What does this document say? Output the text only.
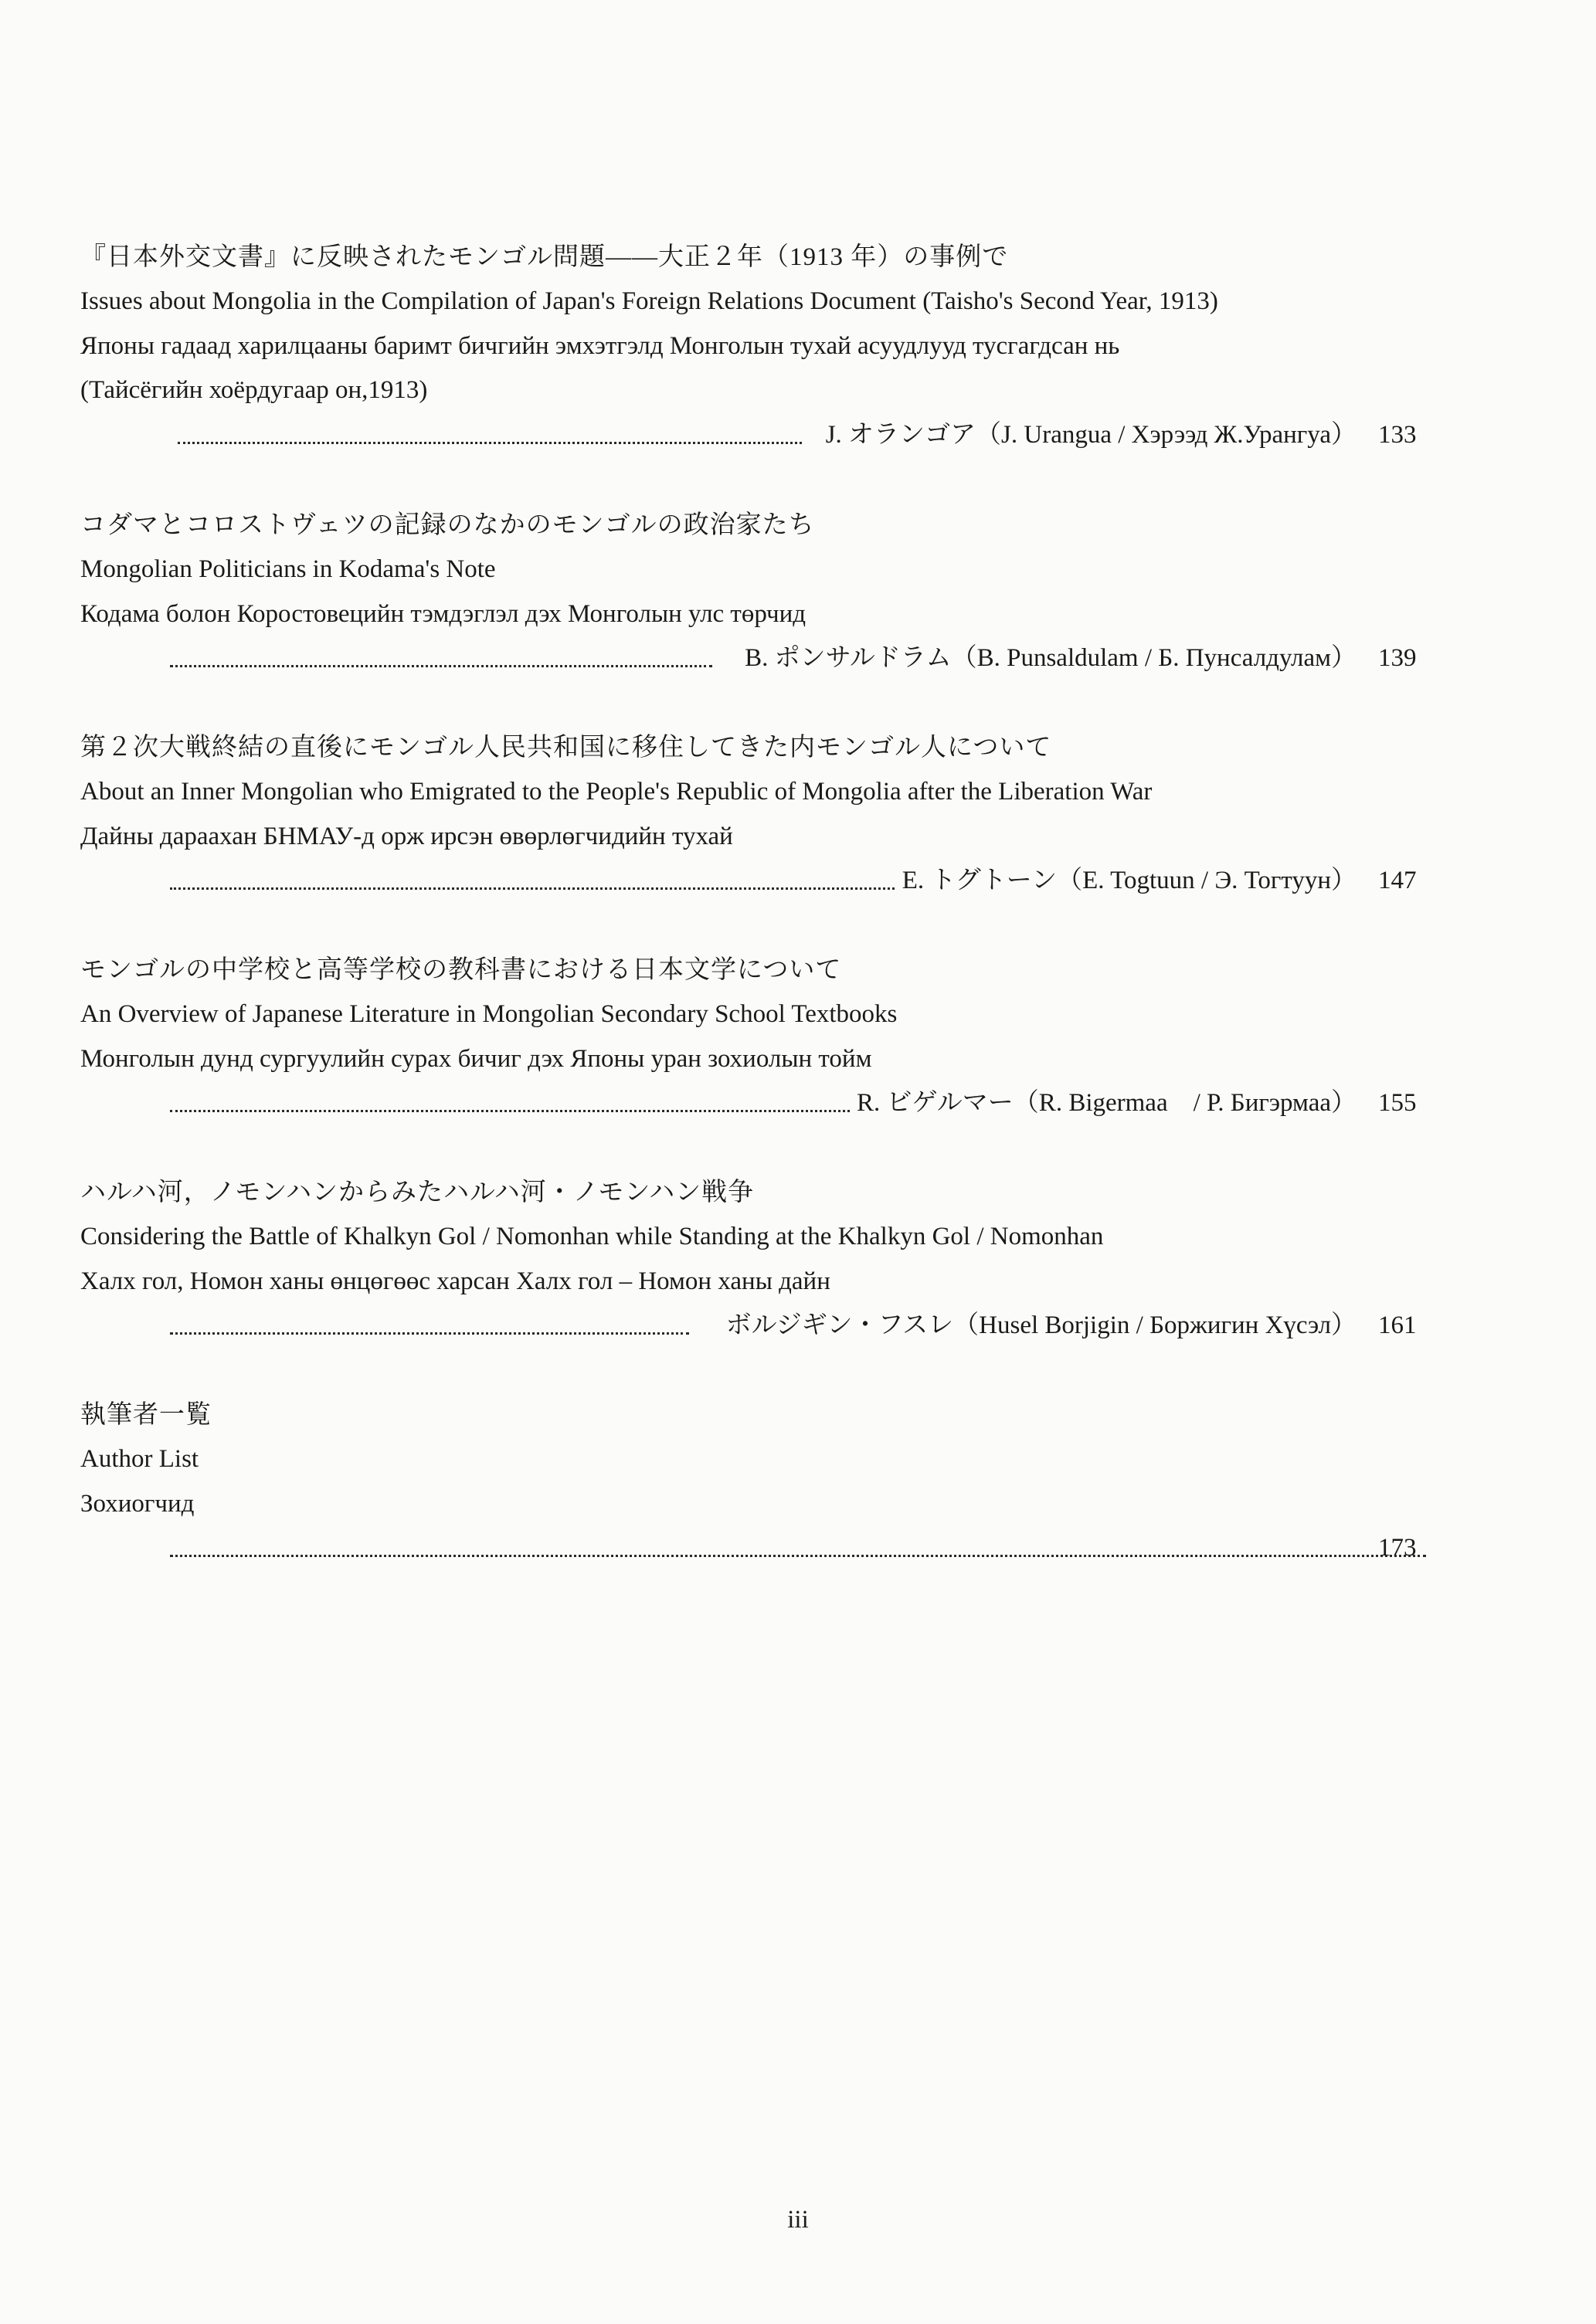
『日本外交文書』に反映されたモンゴル問題――大正２年（1913 年）の事例で
Issues about Mongolia in the Compilation of Japan's Foreign Relations Document (Taisho's Second Year, 1913)
Японы гадаад харилцааны баримт бичгийн эмхэтгэлд Монголын тухай асуудлууд тусгагдсан нь
(Тайсёгийн хоёрдугаар он,1913)
J. オランゴア（J. Urangua / Хэрээд Ж.Урангуа） 133
コダマとコロストヴェツの記録のなかのモンゴルの政治家たち
Mongolian Politicians in Kodama's Note
Кодама болон Коростовецийн тэмдэглэл дэх Монголын улс төрчид
B. ポンサルドラム（B. Punsaldulam / Б. Пунсалдулам） 139
第２次大戦終結の直後にモンゴル人民共和国に移住してきた内モンゴル人について
About an Inner Mongolian who Emigrated to the People's Republic of Mongolia after the Liberation War
Дайны дараахан БНМАУ-д орж ирсэн өвөрлөгчидийн тухай
E. トグトーン（E. Togtuun / Э. Тогтуун） 147
モンゴルの中学校と高等学校の教科書における日本文学について
An Overview of Japanese Literature in Mongolian Secondary School Textbooks
Монголын дунд сургуулийн сурах бичиг дэх Японы уран зохиолын тойм
R. ビゲルマー（R. Bigermaa　/ Р. Бигэрмаа） 155
ハルハ河，ノモンハンからみたハルハ河・ノモンハン戦争
Considering the Battle of Khalkyn Gol / Nomonhan while Standing at the Khalkyn Gol / Nomonhan
Халх гол, Номон ханы өнцөгөөс харсан Халх гол – Номон ханы дайн
ボルジギン・フスレ（Husel Borjigin / Боржигин Хүсэл） 161
執筆者一覧
Author List
Зохиогчид
173
iii
